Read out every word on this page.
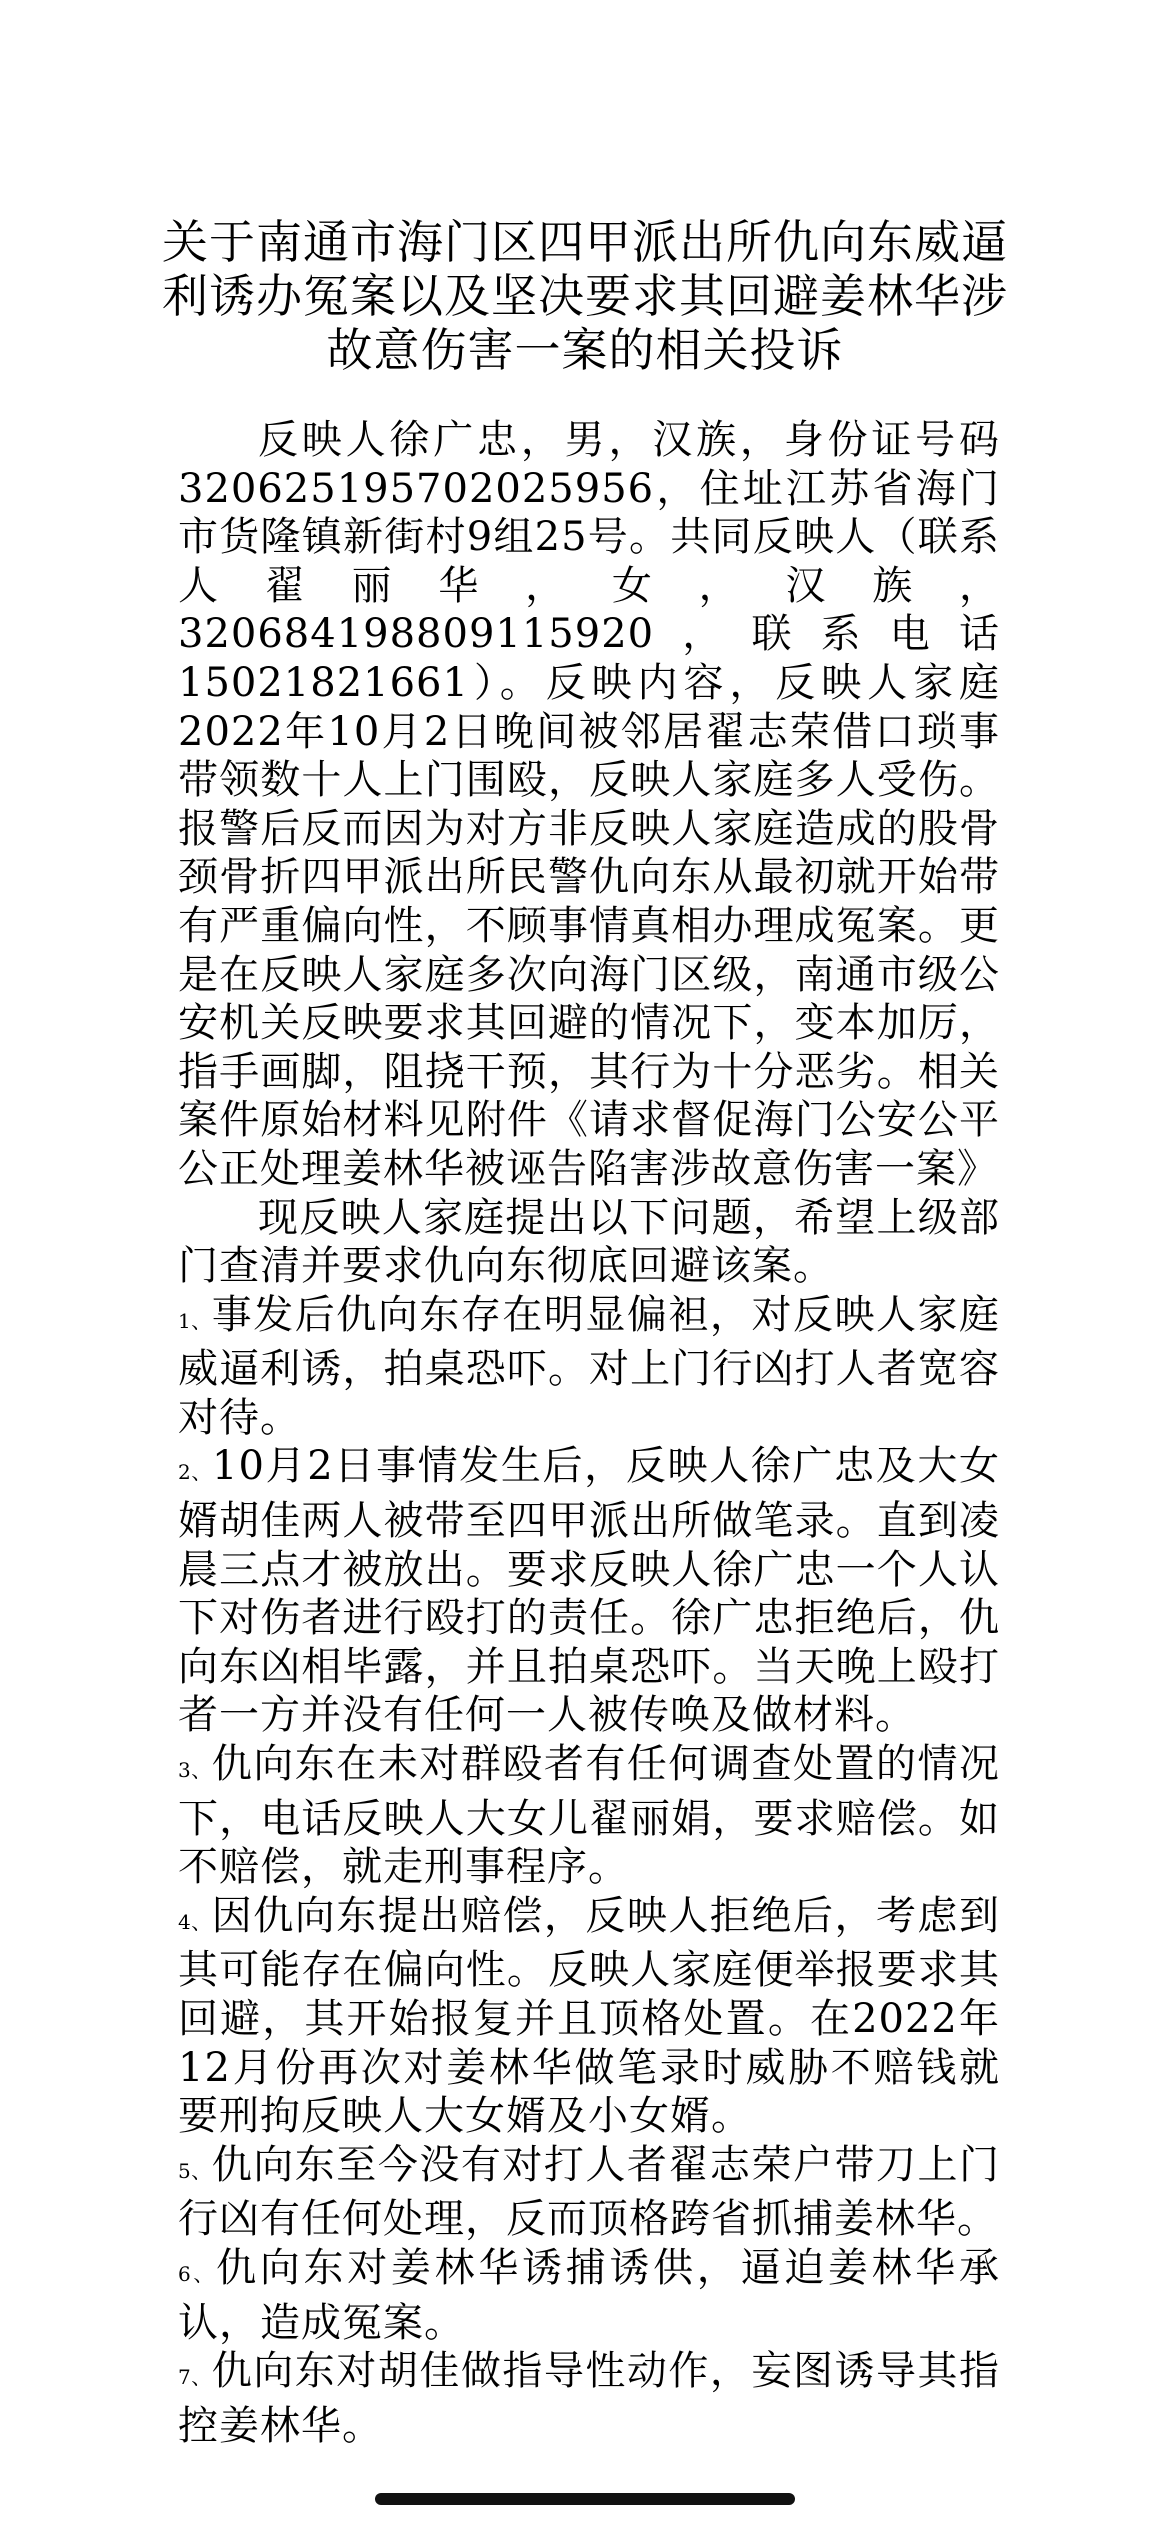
关于南通市海门区四甲派出所仇向东威逼利诱办冤案以及坚决要求其回避姜林华涉故意伤害一案的相关投诉

反映人徐广忠，男，汉族，身份证号码320625195702025956，住址江苏省海门市货隆镇新街村9组25号。共同反映人（联系人翟丽华，女，汉族，320684198809115920，联系电话15021821661）。反映内容，反映人家庭2022年10月2日晚间被邻居翟志荣借口琐事带领数十人上门围殴，反映人家庭多人受伤。报警后反而因为对方非反映人家庭造成的股骨颈骨折四甲派出所民警仇向东从最初就开始带有严重偏向性，不顾事情真相办理成冤案。更是在反映人家庭多次向海门区级，南通市级公安机关反映要求其回避的情况下，变本加厉，指手画脚，阻挠干预，其行为十分恶劣。相关案件原始材料见附件《请求督促海门公安公平公正处理姜林华被诬告陷害涉故意伤害一案》

现反映人家庭提出以下问题，希望上级部门查清并要求仇向东彻底回避该案。

1、事发后仇向东存在明显偏袒，对反映人家庭威逼利诱，拍桌恐吓。对上门行凶打人者宽容对待。

2、10月2日事情发生后，反映人徐广忠及大女婿胡佳两人被带至四甲派出所做笔录。直到凌晨三点才被放出。要求反映人徐广忠一个人认下对伤者进行殴打的责任。徐广忠拒绝后，仇向东凶相毕露，并且拍桌恐吓。当天晚上殴打者一方并没有任何一人被传唤及做材料。

3、仇向东在未对群殴者有任何调查处置的情况下，电话反映人大女儿翟丽娟，要求赔偿。如不赔偿，就走刑事程序。

4、因仇向东提出赔偿，反映人拒绝后，考虑到其可能存在偏向性。反映人家庭便举报要求其回避，其开始报复并且顶格处置。在2022年12月份再次对姜林华做笔录时威胁不赔钱就要刑拘反映人大女婿及小女婿。

5、仇向东至今没有对打人者翟志荣户带刀上门行凶有任何处理，反而顶格跨省抓捕姜林华。

6、仇向东对姜林华诱捕诱供，逼迫姜林华承认，造成冤案。

7、仇向东对胡佳做指导性动作，妄图诱导其指控姜林华。
